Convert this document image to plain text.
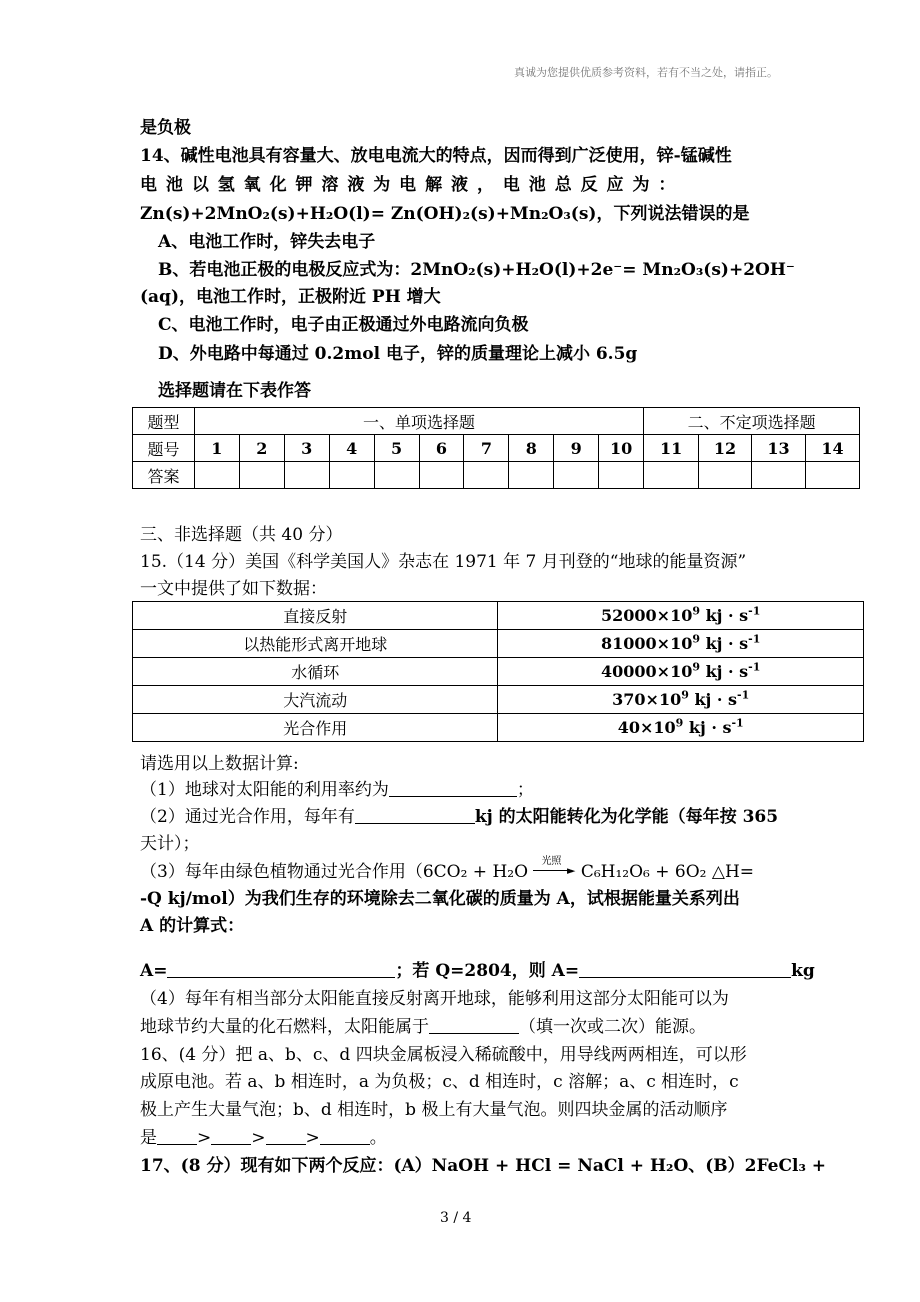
真诚为您提供优质参考资料，若有不当之处，请指正。
是负极
14、碱性电池具有容量大、放电电流大的特点，因而得到广泛使用，锌-锰碱性
电 池 以 氢 氧 化 钾 溶 液 为 电 解 液 ， 电 池 总 反 应 为 ：
Zn(s)+2MnO₂(s)+H₂O(l)= Zn(OH)₂(s)+Mn₂O₃(s)，下列说法错误的是
A、电池工作时，锌失去电子
B、若电池正极的电极反应式为：2MnO₂(s)+H₂O(l)+2e⁻= Mn₂O₃(s)+2OH⁻
(aq)，电池工作时，正极附近 PH 增大
C、电池工作时，电子由正极通过外电路流向负极
D、外电路中每通过 0.2mol 电子，锌的质量理论上减小 6.5g
选择题请在下表作答
题型	一、单项选择题										二、不定项选择题			
题号	1	2	3	4	5	6	7	8	9	10	11	12	13	14
答案														
三、非选择题（共 40 分）
15.（14 分）美国《科学美国人》杂志在 1971 年 7 月刊登的“地球的能量资源”
一文中提供了如下数据：
直接反射	$52000\times 10^9$ kj · $s^{-1}$
以热能形式离开地球	$81000\times 10^9$ kj · $s^{-1}$
水循环	$40000\times 10^9$ kj · $s^{-1}$
大汽流动	$370\times 10^9$ kj · $s^{-1}$
光合作用	$40\times 10^9$ kj · $s^{-1}$
请选用以上数据计算:
（1）地球对太阳能的利用率约为	；
（2）通过光合作用，每年有	kj 的太阳能转化为化学能（每年按 365
天计）；
（3）每年由绿色植物通过光合作用（6CO₂ + H₂O
光照
► C₆H₁₂O₆ + 6O₂ △H=
-Q kj/mol）为我们生存的环境除去二氧化碳的质量为 A，试根据能量关系列出
A 的计算式：
A=	；若 Q=2804，则 A=	kg
（4）每年有相当部分太阳能直接反射离开地球，能够利用这部分太阳能可以为
地球节约大量的化石燃料，太阳能属于	（填一次或二次）能源。
16、(4 分）把 a、b、c、d 四块金属板浸入稀硫酸中，用导线两两相连，可以形
成原电池。若 a、b 相连时，a 为负极；c、d 相连时，c 溶解；a、c 相连时，c
极上产生大量气泡；b、d 相连时，b 极上有大量气泡。则四块金属的活动顺序
是 > > >	。
17、(8 分）现有如下两个反应：(A）NaOH + HCl = NaCl + H₂O、(B）2FeCl₃ +
3 / 4
